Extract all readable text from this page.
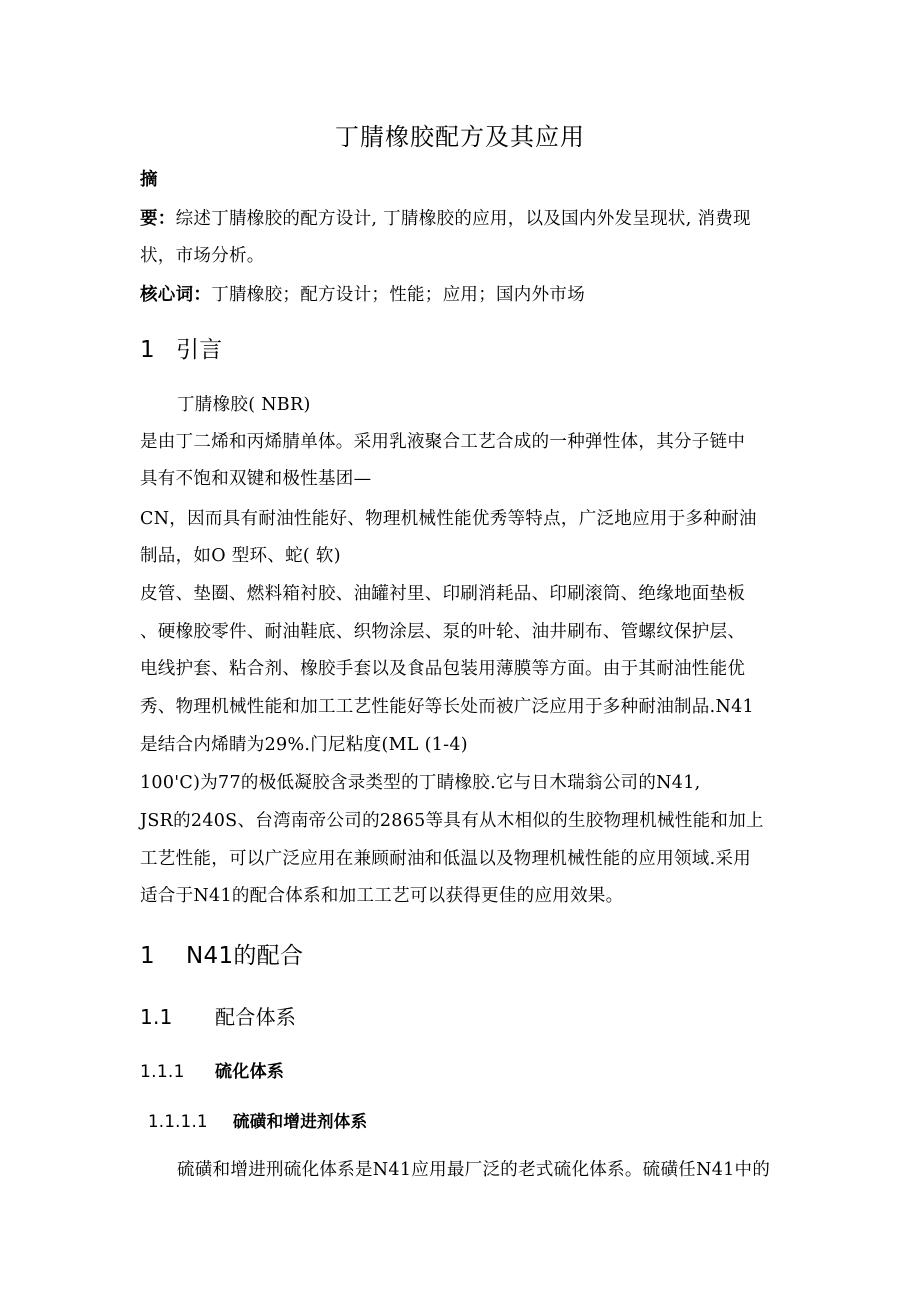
丁腈橡胶配方及其应用
摘
要：综述丁腈橡胶的配方设计, 丁腈橡胶的应用，以及国内外发呈现状, 消费现
状，市场分析。
核心词：丁腈橡胶；配方设计；性能；应用；国内外市场
1 引言
丁腈橡胶( NBR)
是由丁二烯和丙烯腈单体。采用乳液聚合工艺合成的一种弹性体，其分子链中
具有不饱和双键和极性基团—
CN，因而具有耐油性能好、物理机械性能优秀等特点，广泛地应用于多种耐油
制品，如O 型环、蛇( 软)
皮管、垫圈、燃料箱衬胶、油罐衬里、印刷消耗品、印刷滚筒、绝缘地面垫板
、硬橡胶零件、耐油鞋底、织物涂层、泵的叶轮、油井刷布、管螺纹保护层、
电线护套、粘合剂、橡胶手套以及食品包装用薄膜等方面。由于其耐油性能优
秀、物理机械性能和加工工艺性能好等长处而被广泛应用于多种耐油制品.N41
是结合内烯睛为29%.门尼粘度(ML (1-4)
100'C)为77的极低凝胶含录类型的丁睛橡胶.它与日木瑞翁公司的N41,
JSR的240S、台湾南帝公司的2865等具有从木相似的生胶物理机械性能和加上
工艺性能，可以广泛应用在兼顾耐油和低温以及物理机械性能的应用领域.采用
适合于N41的配合体系和加工工艺可以获得更佳的应用效果。
1 N41的配合
1.1 配合体系
1.1.1 硫化体系
1.1.1.1 硫磺和增进剂体系
硫磺和增进刑硫化体系是N41应用最厂泛的老式硫化体系。硫磺任N41中的
